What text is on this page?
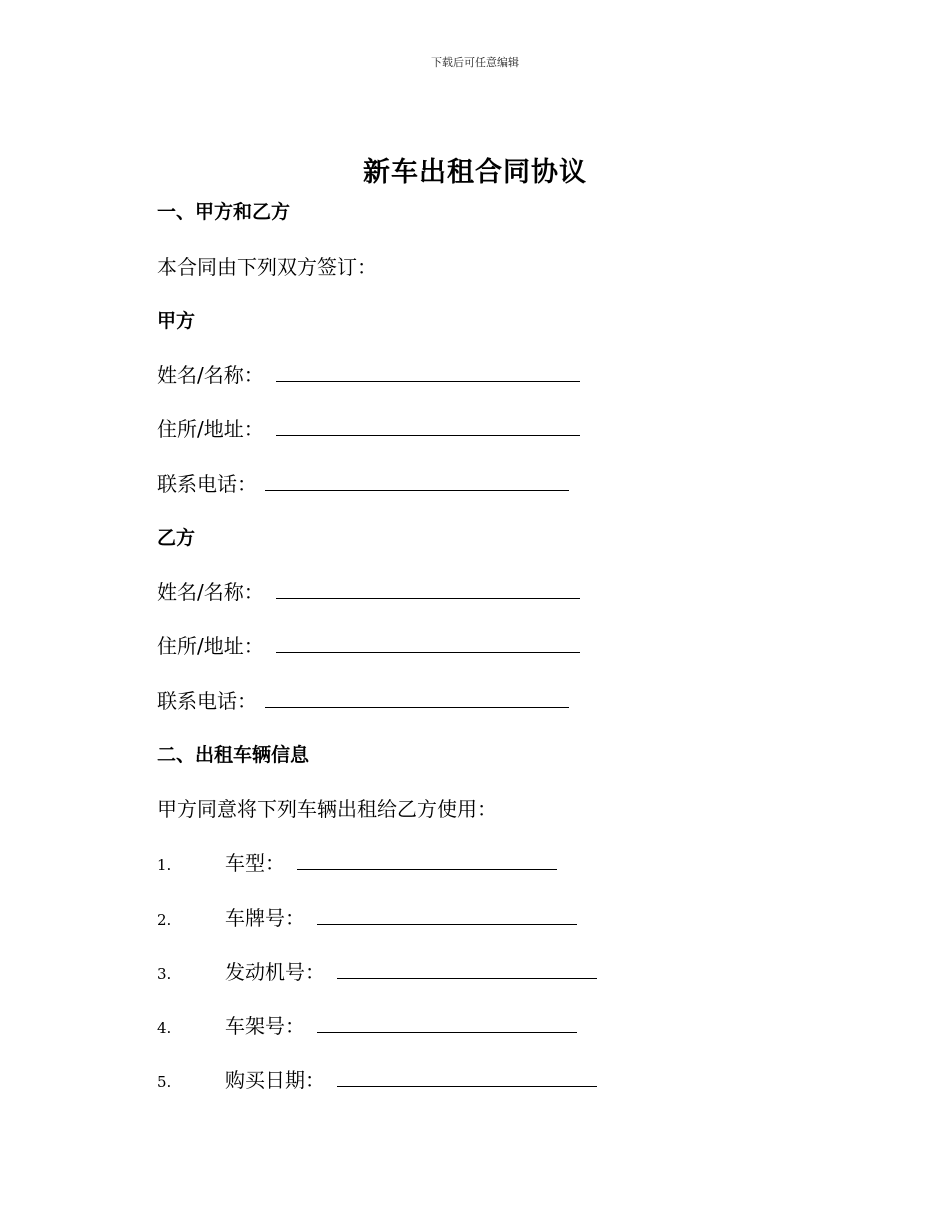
下载后可任意编辑
新车出租合同协议
一、甲方和乙方
本合同由下列双方签订：
甲方
姓名/名称：
住所/地址：
联系电话：
乙方
姓名/名称：
住所/地址：
联系电话：
二、出租车辆信息
甲方同意将下列车辆出租给乙方使用：
1.	车型：
2.	车牌号：
3.	发动机号：
4.	车架号：
5.	购买日期：
